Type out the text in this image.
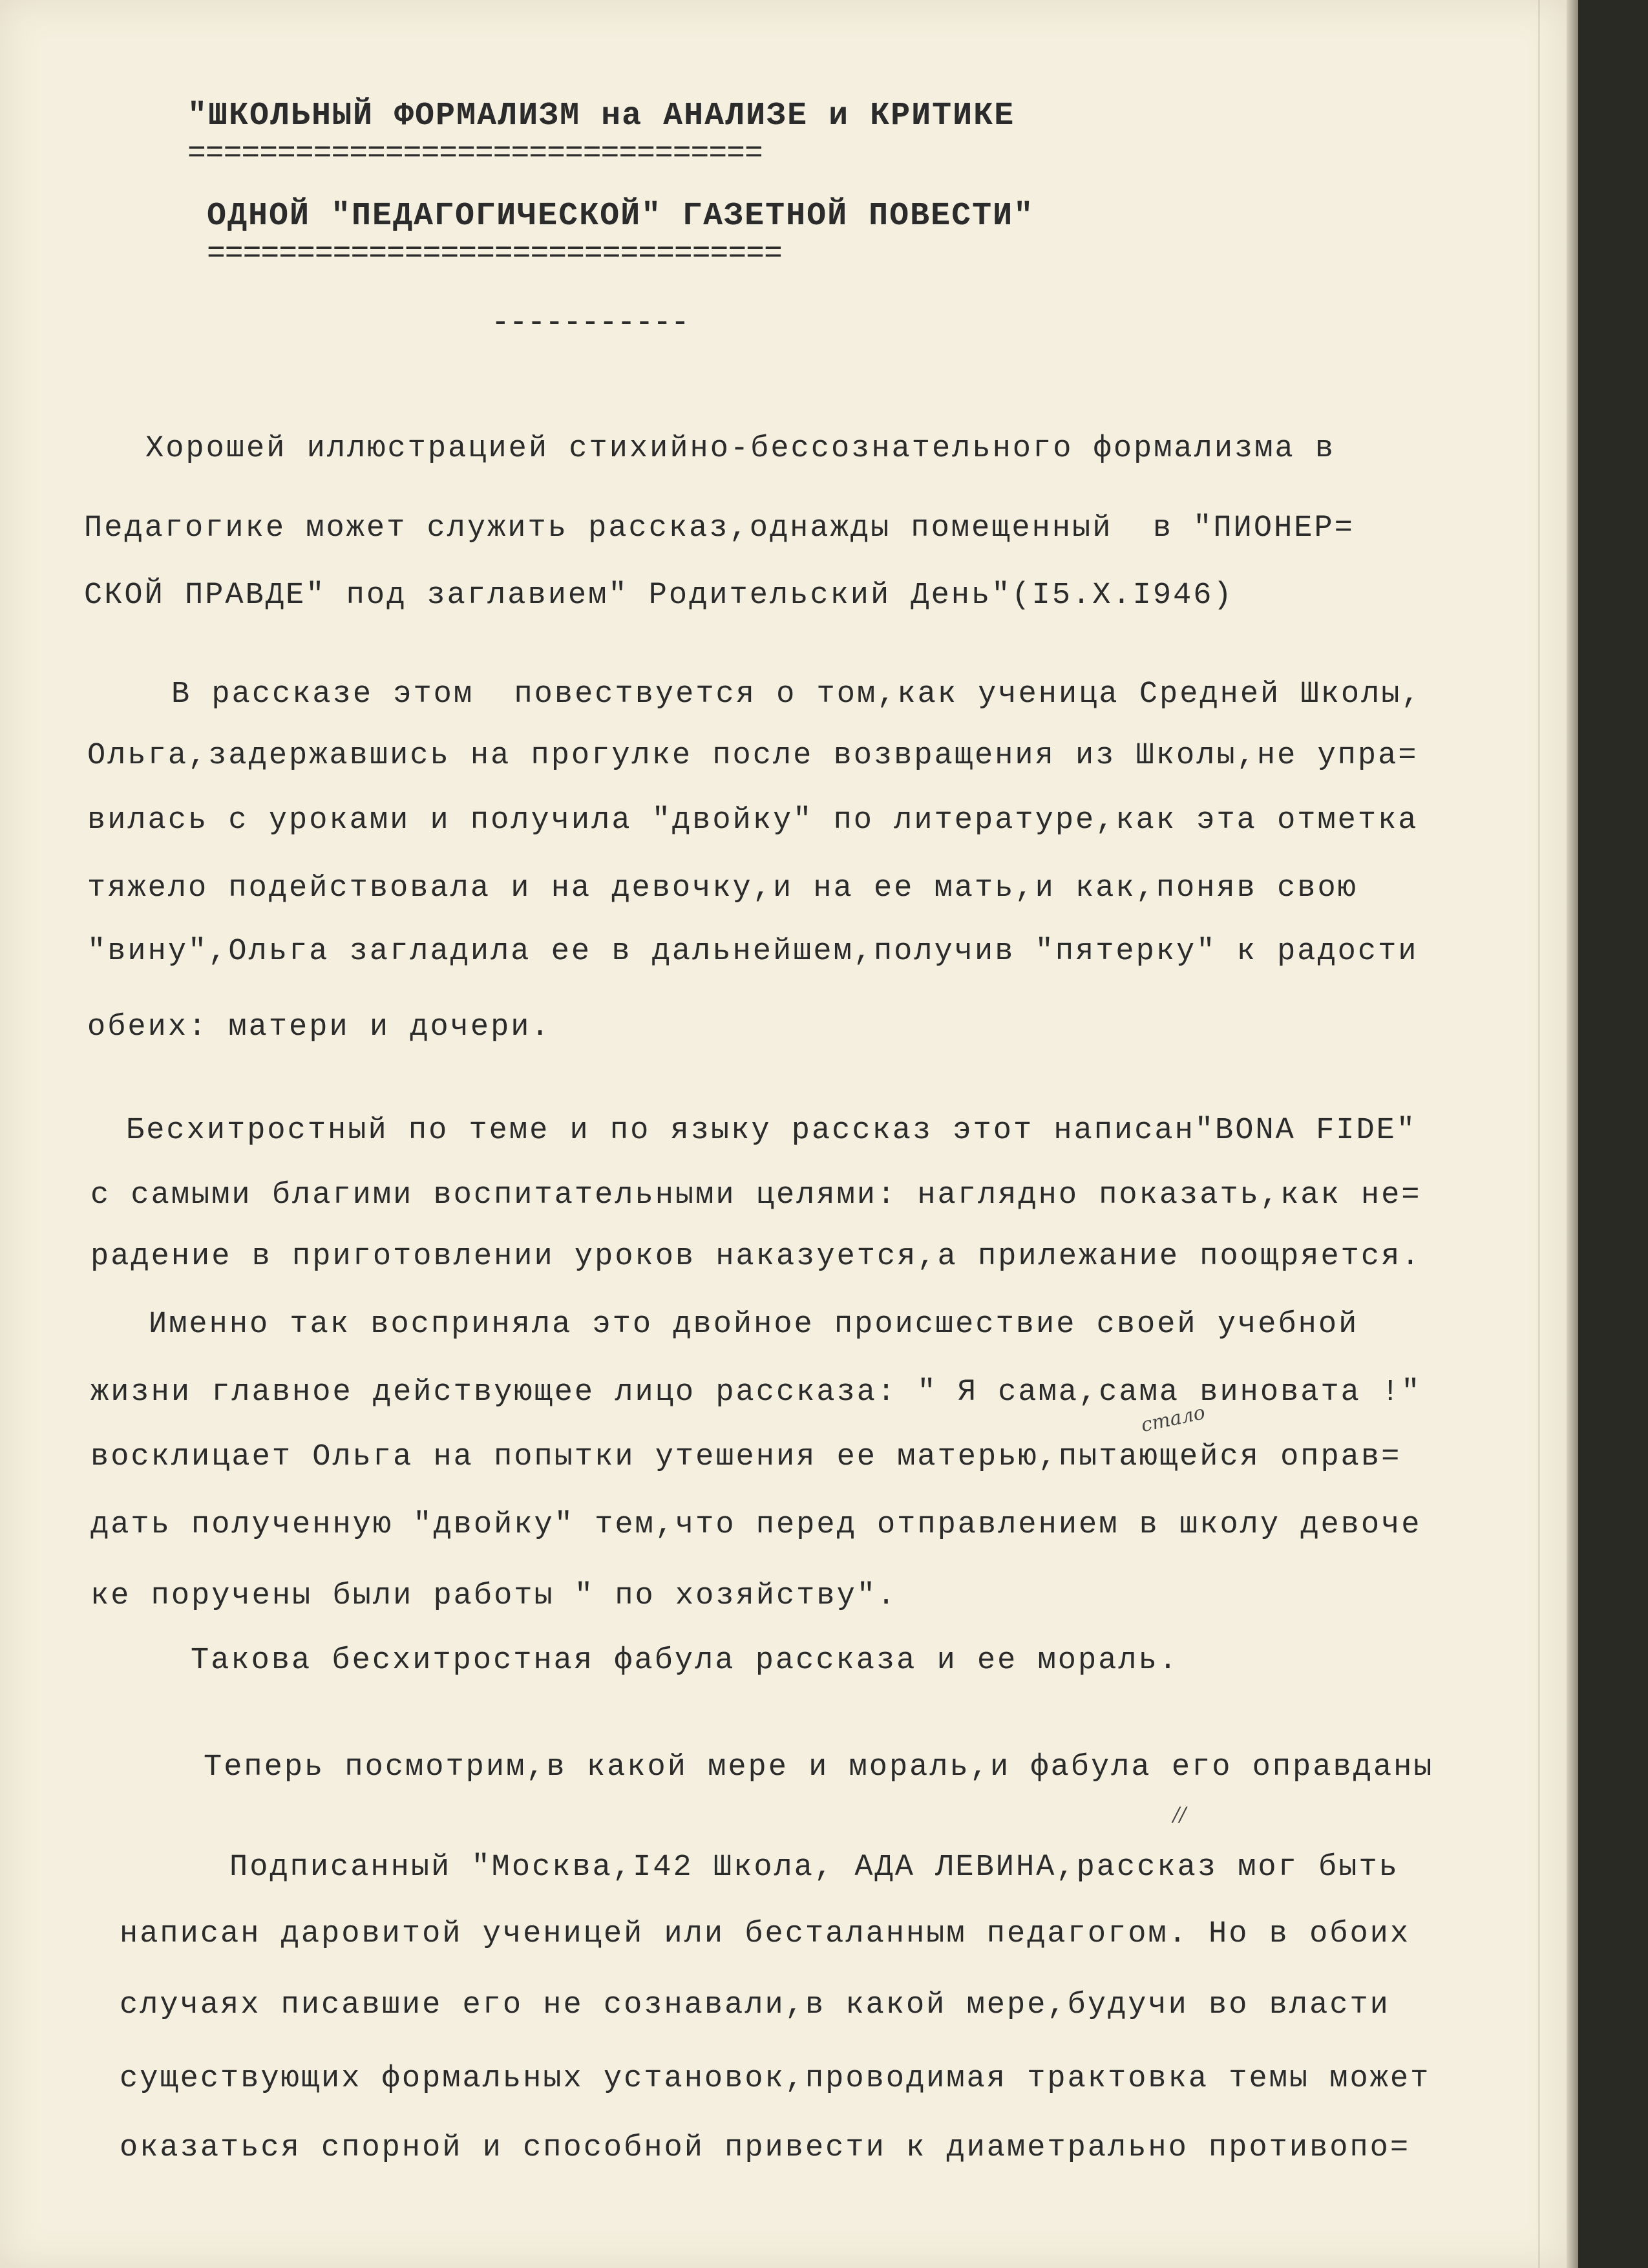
"ШКОЛЬНЫЙ ФОРМАЛИЗМ на АНАЛИЗЕ и КРИТИКЕ
================================
ОДНОЙ "ПЕДАГОГИЧЕСКОЙ" ГАЗЕТНОЙ ПОВЕСТИ"
================================
-----------
Хорошей иллюстрацией стихийно-бессознательного формализма в
Педагогике может служить рассказ,однажды помещенный  в "ПИОНЕР=
СКОЙ ПРАВДЕ" под заглавием" Родительский День"(I5.X.I946)
В рассказе этом  повествуется о том,как ученица Средней Школы,
Ольга,задержавшись на прогулке после возвращения из Школы,не упра=
вилась с уроками и получила "двойку" по литературе,как эта отметка
тяжело подействовала и на девочку,и на ее мать,и как,поняв свою
"вину",Ольга загладила ее в дальнейшем,получив "пятерку" к радости
обеих: матери и дочери.
Бесхитростный по теме и по языку рассказ этот написан"BONA FIDE"
с самыми благими воспитательными целями: наглядно показать,как не=
радение в приготовлении уроков наказуется,а прилежание поощряется.
Именно так восприняла это двойное происшествие своей учебной
жизни главное действующее лицо рассказа: " Я сама,сама виновата !"
восклицает Ольга на попытки утешения ее матерью,пытающейся оправ=
дать полученную "двойку" тем,что перед отправлением в школу девоче
ке поручены были работы " по хозяйству".
Такова бесхитростная фабула рассказа и ее мораль.
Теперь посмотрим,в какой мере и мораль,и фабула его оправданы
Подписанный "Москва,I42 Школа, АДА ЛЕВИНА,рассказ мог быть
написан даровитой ученицей или бесталанным педагогом. Но в обоих
случаях писавшие его не сознавали,в какой мере,будучи во власти
существующих формальных установок,проводимая трактовка темы может
оказаться спорной и способной привести к диаметрально противопо=
стало
//
